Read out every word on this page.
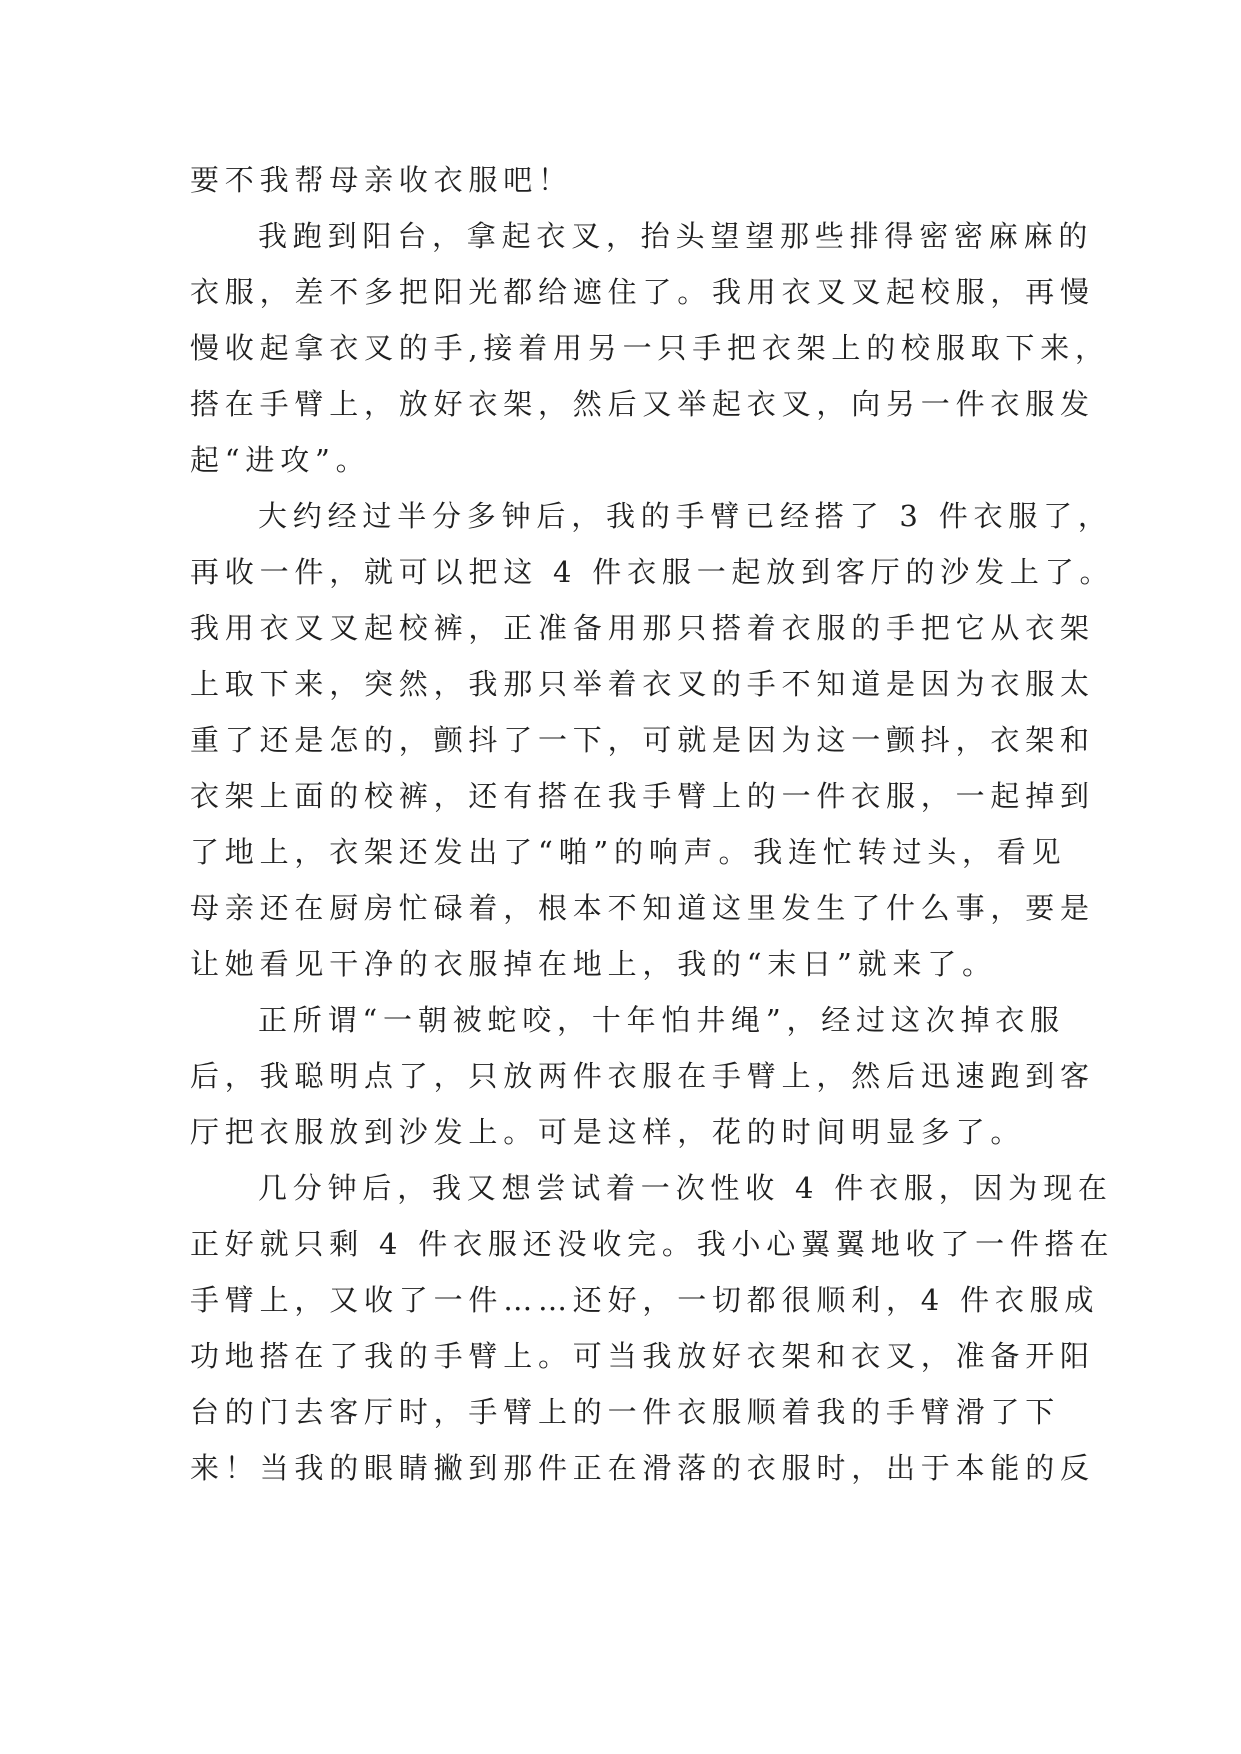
要不我帮母亲收衣服吧！
我跑到阳台，拿起衣叉，抬头望望那些排得密密麻麻的
衣服，差不多把阳光都给遮住了。我用衣叉叉起校服，再慢
慢收起拿衣叉的手,接着用另一只手把衣架上的校服取下来，
搭在手臂上，放好衣架，然后又举起衣叉，向另一件衣服发
起“进攻”。
大约经过半分多钟后，我的手臂已经搭了 3 件衣服了，
再收一件，就可以把这 4 件衣服一起放到客厅的沙发上了。
我用衣叉叉起校裤，正准备用那只搭着衣服的手把它从衣架
上取下来，突然，我那只举着衣叉的手不知道是因为衣服太
重了还是怎的，颤抖了一下，可就是因为这一颤抖，衣架和
衣架上面的校裤，还有搭在我手臂上的一件衣服，一起掉到
了地上，衣架还发出了“啪”的响声。我连忙转过头，看见
母亲还在厨房忙碌着，根本不知道这里发生了什么事，要是
让她看见干净的衣服掉在地上，我的“末日”就来了。
正所谓“一朝被蛇咬，十年怕井绳”，经过这次掉衣服
后，我聪明点了，只放两件衣服在手臂上，然后迅速跑到客
厅把衣服放到沙发上。可是这样，花的时间明显多了。
几分钟后，我又想尝试着一次性收 4 件衣服，因为现在
正好就只剩 4 件衣服还没收完。我小心翼翼地收了一件搭在
手臂上，又收了一件……还好，一切都很顺利，4 件衣服成
功地搭在了我的手臂上。可当我放好衣架和衣叉，准备开阳
台的门去客厅时，手臂上的一件衣服顺着我的手臂滑了下
来！当我的眼睛撇到那件正在滑落的衣服时，出于本能的反
